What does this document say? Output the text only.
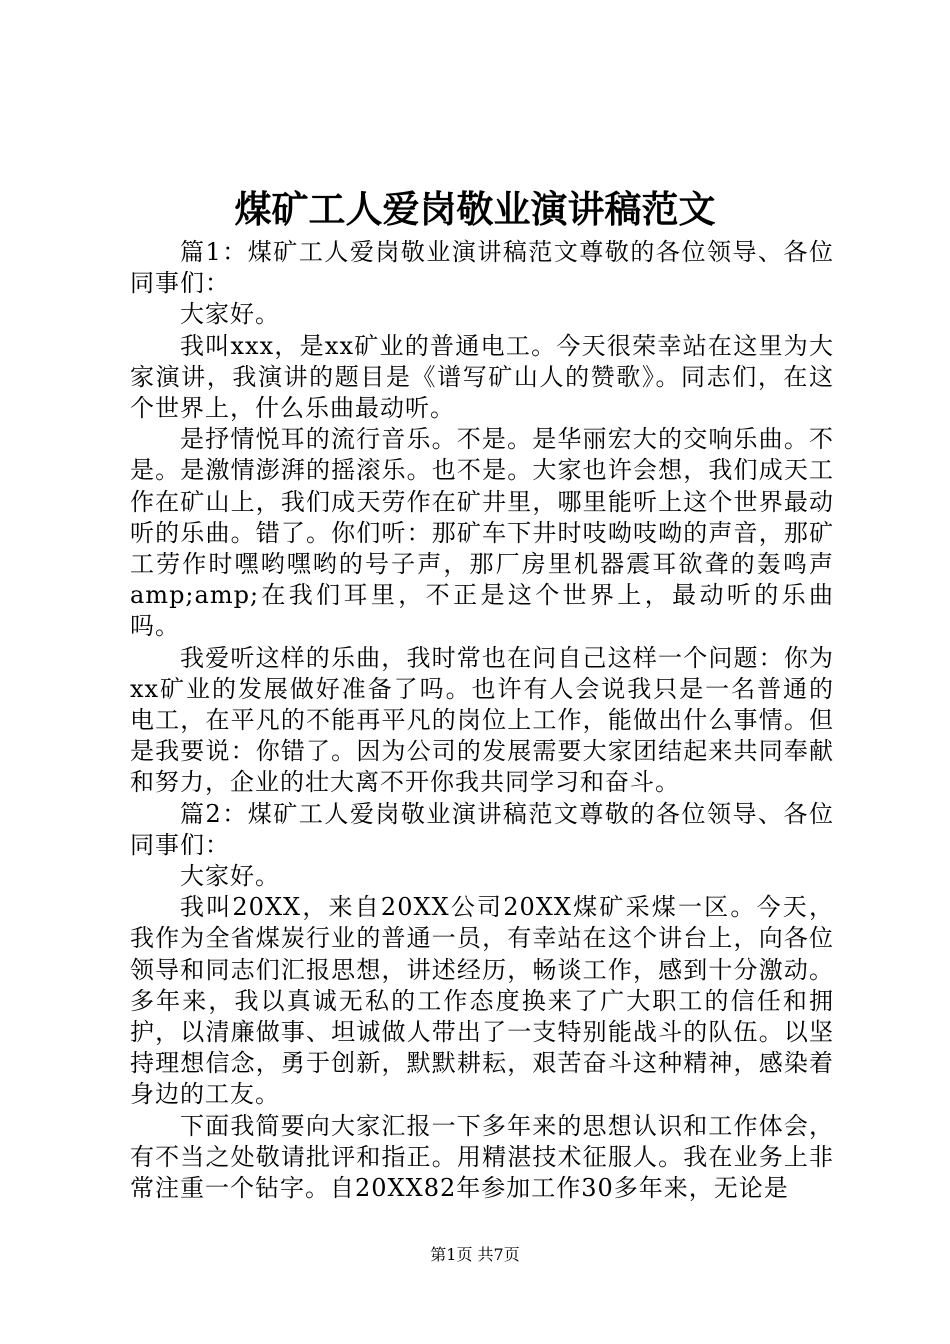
煤矿工人爱岗敬业演讲稿范文

篇1：煤矿工人爱岗敬业演讲稿范文尊敬的各位领导、各位同事们：

大家好。

我叫xxx，是xx矿业的普通电工。今天很荣幸站在这里为大家演讲，我演讲的题目是《谱写矿山人的赞歌》。同志们，在这个世界上，什么乐曲最动听。

是抒情悦耳的流行音乐。不是。是华丽宏大的交响乐曲。不是。是激情澎湃的摇滚乐。也不是。大家也许会想，我们成天工作在矿山上，我们成天劳作在矿井里，哪里能听上这个世界最动听的乐曲。错了。你们听：那矿车下井时吱呦吱呦的声音，那矿工劳作时嘿哟嘿哟的号子声，那厂房里机器震耳欲聋的轰鸣声amp;amp;在我们耳里，不正是这个世界上，最动听的乐曲吗。

我爱听这样的乐曲，我时常也在问自己这样一个问题：你为xx矿业的发展做好准备了吗。也许有人会说我只是一名普通的电工，在平凡的不能再平凡的岗位上工作，能做出什么事情。但是我要说：你错了。因为公司的发展需要大家团结起来共同奉献和努力，企业的壮大离不开你我共同学习和奋斗。

篇2：煤矿工人爱岗敬业演讲稿范文尊敬的各位领导、各位同事们：

大家好。

我叫20XX，来自20XX公司20XX煤矿采煤一区。今天，我作为全省煤炭行业的普通一员，有幸站在这个讲台上，向各位领导和同志们汇报思想，讲述经历，畅谈工作，感到十分激动。多年来，我以真诚无私的工作态度换来了广大职工的信任和拥护，以清廉做事、坦诚做人带出了一支特别能战斗的队伍。以坚持理想信念，勇于创新，默默耕耘，艰苦奋斗这种精神，感染着身边的工友。

下面我简要向大家汇报一下多年来的思想认识和工作体会，有不当之处敬请批评和指正。用精湛技术征服人。我在业务上非常注重一个钻字。自20XX82年参加工作30多年来，无论是

第1页 共7页
